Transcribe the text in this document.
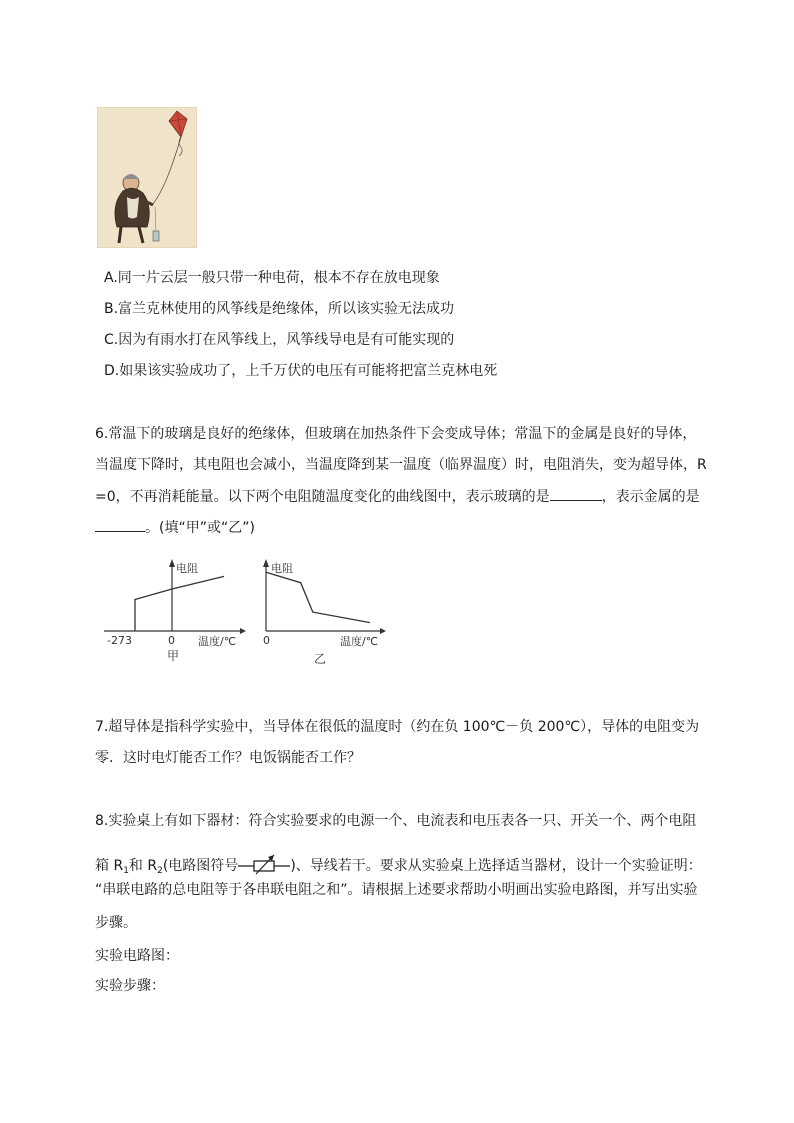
A.同一片云层一般只带一种电荷，根本不存在放电现象
B.富兰克林使用的风筝线是绝缘体，所以该实验无法成功
C.因为有雨水打在风筝线上，风筝线导电是有可能实现的
D.如果该实验成功了，上千万伏的电压有可能将把富兰克林电死
6.常温下的玻璃是良好的绝缘体，但玻璃在加热条件下会变成导体；常温下的金属是良好的导体，
当温度下降时，其电阻也会减小，当温度降到某一温度（临界温度）时，电阻消失，变为超导体，R
=0，不再消耗能量。以下两个电阻随温度变化的曲线图中，表示玻璃的是	，表示金属的是
。(填“甲”或“乙”)
电阻
-273	0 温度/℃
甲
电阻
0	温度/℃
乙
7.超导体是指科学实验中，当导体在很低的温度时（约在负 100℃－负 200℃），导体的电阻变为
零．这时电灯能否工作？电饭锅能否工作？
8.实验桌上有如下器材：符合实验要求的电源一个、电流表和电压表各一只、开关一个、两个电阻
箱 $R_1$和 $R_2$(电路图符号	)、导线若干。要求从实验桌上选择适当器材，设计一个实验证明：
“串联电路的总电阻等于各串联电阻之和”。请根据上述要求帮助小明画出实验电路图，并写出实验
步骤。
实验电路图：
实验步骤：
